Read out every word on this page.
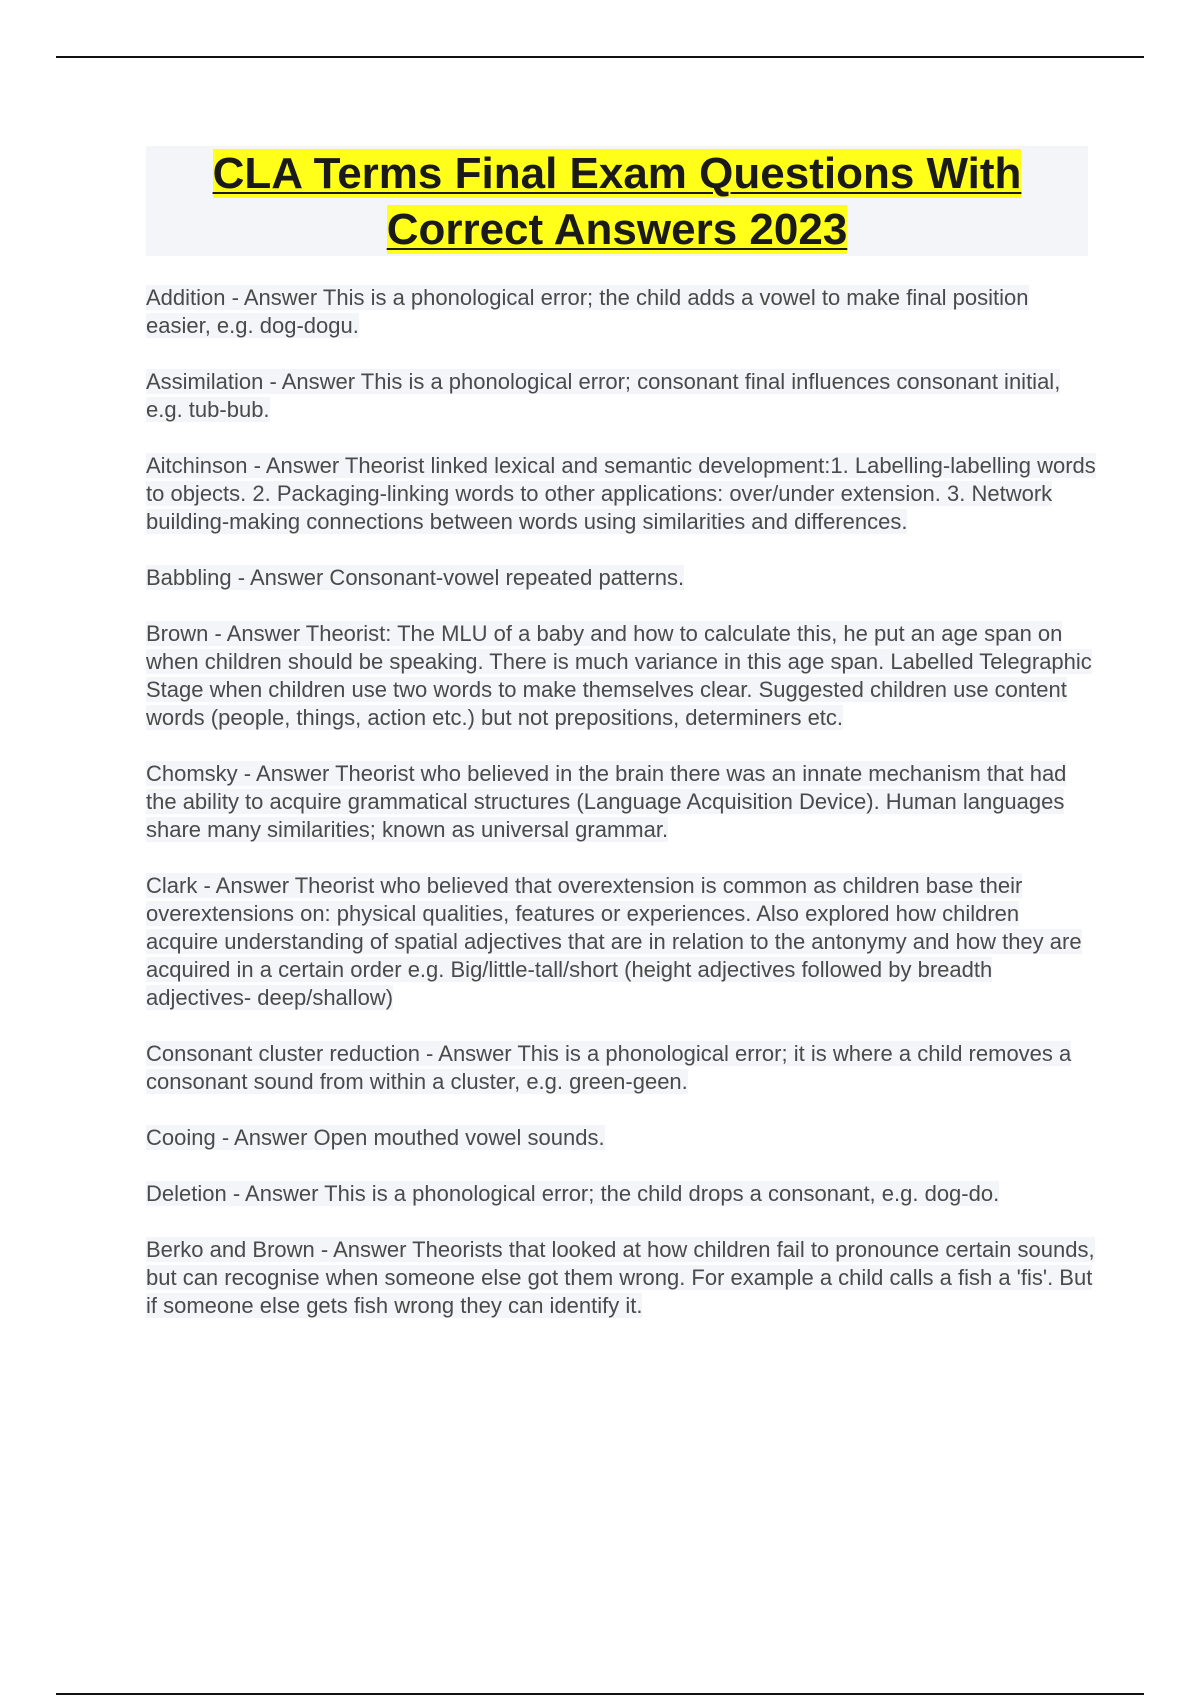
CLA Terms Final Exam Questions With
Correct Answers 2023

Addition - Answer This is a phonological error; the child adds a vowel to make final position easier, e.g. dog-dogu.

Assimilation - Answer This is a phonological error; consonant final influences consonant initial, e.g. tub-bub.

Aitchinson - Answer Theorist linked lexical and semantic development:1. Labelling-labelling words to objects. 2. Packaging-linking words to other applications: over/under extension. 3. Network building-making connections between words using similarities and differences.

Babbling - Answer Consonant-vowel repeated patterns.

Brown - Answer Theorist: The MLU of a baby and how to calculate this, he put an age span on when children should be speaking. There is much variance in this age span. Labelled Telegraphic Stage when children use two words to make themselves clear. Suggested children use content words (people, things, action etc.) but not prepositions, determiners etc.

Chomsky - Answer Theorist who believed in the brain there was an innate mechanism that had the ability to acquire grammatical structures (Language Acquisition Device). Human languages share many similarities; known as universal grammar.

Clark - Answer Theorist who believed that overextension is common as children base their overextensions on: physical qualities, features or experiences. Also explored how children acquire understanding of spatial adjectives that are in relation to the antonymy and how they are acquired in a certain order e.g. Big/little-tall/short (height adjectives followed by breadth adjectives- deep/shallow)

Consonant cluster reduction - Answer This is a phonological error; it is where a child removes a consonant sound from within a cluster, e.g. green-geen.

Cooing - Answer Open mouthed vowel sounds.

Deletion - Answer This is a phonological error; the child drops a consonant, e.g. dog-do.

Berko and Brown - Answer Theorists that looked at how children fail to pronounce certain sounds, but can recognise when someone else got them wrong. For example a child calls a fish a 'fis'. But if someone else gets fish wrong they can identify it.
